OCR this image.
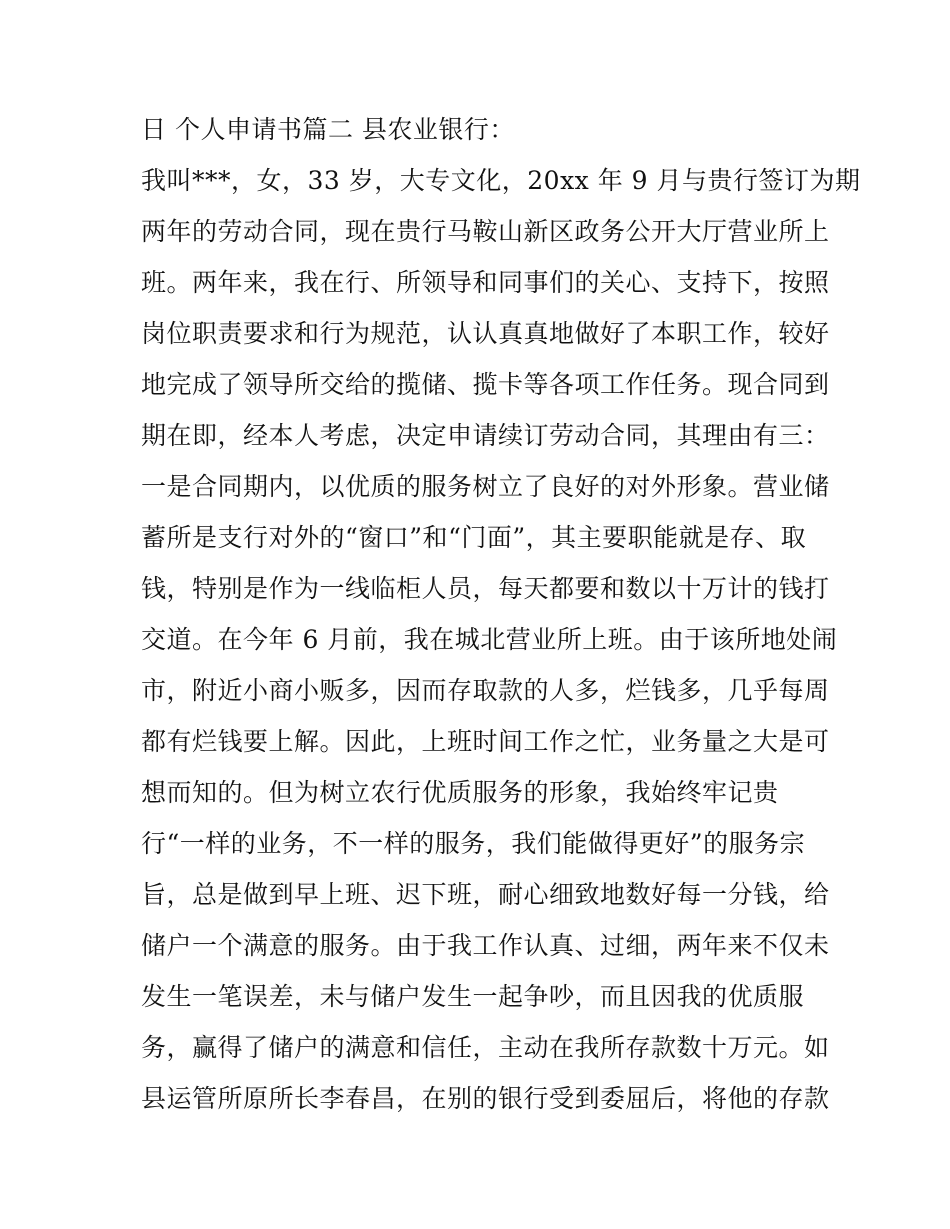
日 个人申请书篇二 县农业银行：
我叫***，女，33 岁，大专文化，20xx 年 9 月与贵行签订为期
两年的劳动合同，现在贵行马鞍山新区政务公开大厅营业所上
班。两年来，我在行、所领导和同事们的关心、支持下，按照
岗位职责要求和行为规范，认认真真地做好了本职工作，较好
地完成了领导所交给的揽储、揽卡等各项工作任务。现合同到
期在即，经本人考虑，决定申请续订劳动合同，其理由有三：
一是合同期内，以优质的服务树立了良好的对外形象。营业储
蓄所是支行对外的“窗口”和“门面”，其主要职能就是存、取
钱，特别是作为一线临柜人员，每天都要和数以十万计的钱打
交道。在今年 6 月前，我在城北营业所上班。由于该所地处闹
市，附近小商小贩多，因而存取款的人多，烂钱多，几乎每周
都有烂钱要上解。因此，上班时间工作之忙，业务量之大是可
想而知的。但为树立农行优质服务的形象，我始终牢记贵
行“一样的业务，不一样的服务，我们能做得更好”的服务宗
旨，总是做到早上班、迟下班，耐心细致地数好每一分钱，给
储户一个满意的服务。由于我工作认真、过细，两年来不仅未
发生一笔误差，未与储户发生一起争吵，而且因我的优质服
务，赢得了储户的满意和信任，主动在我所存款数十万元。如
县运管所原所长李春昌，在别的银行受到委屈后，将他的存款
